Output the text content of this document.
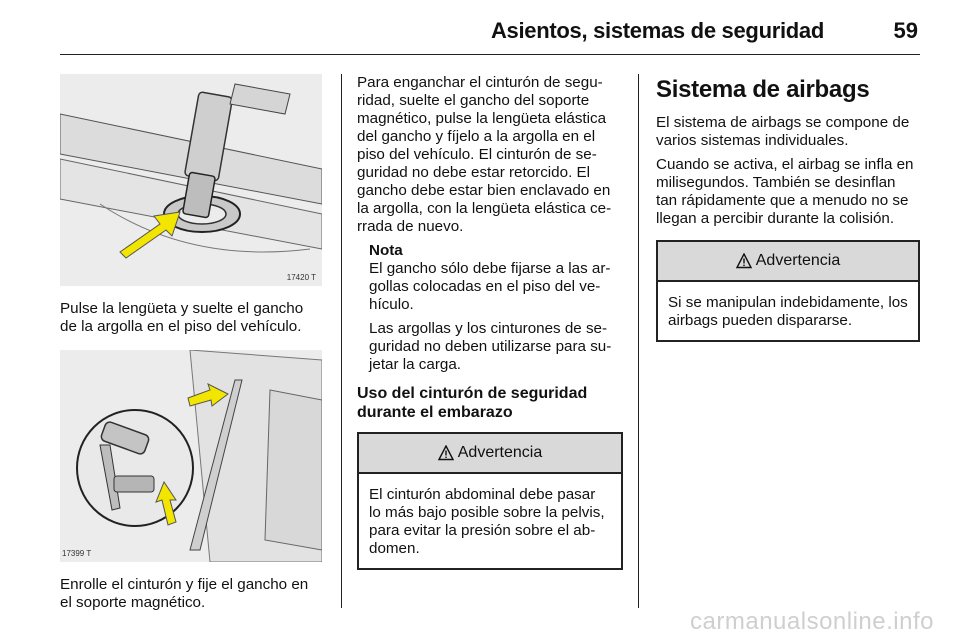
Asientos, sistemas de seguridad	59
17420 T

Pulse la lengüeta y suelte el gancho de la argolla en el piso del vehículo.

17399 T

Enrolle el cinturón y fije el gancho en el soporte magnético.

Para enganchar el cinturón de seguridad, suelte el gancho del soporte magnético, pulse la lengüeta elástica del gancho y fíjelo a la argolla en el piso del vehículo. El cinturón de seguridad no debe estar retorcido. El gancho debe estar bien enclavado en la argolla, con la lengüeta elástica cerrada de nuevo.

Nota

El gancho sólo debe fijarse a las argollas colocadas en el piso del vehículo.

Las argollas y los cinturones de seguridad no deben utilizarse para sujetar la carga.

Uso del cinturón de seguridad durante el embarazo
Advertencia
El cinturón abdominal debe pasar lo más bajo posible sobre la pelvis, para evitar la presión sobre el abdomen.
Sistema de airbags

El sistema de airbags se compone de varios sistemas individuales.

Cuando se activa, el airbag se infla en milisegundos. También se desinflan tan rápidamente que a menudo no se llegan a percibir durante la colisión.

Advertencia
Si se manipulan indebidamente, los airbags pueden dispararse.
carmanualsonline.info
